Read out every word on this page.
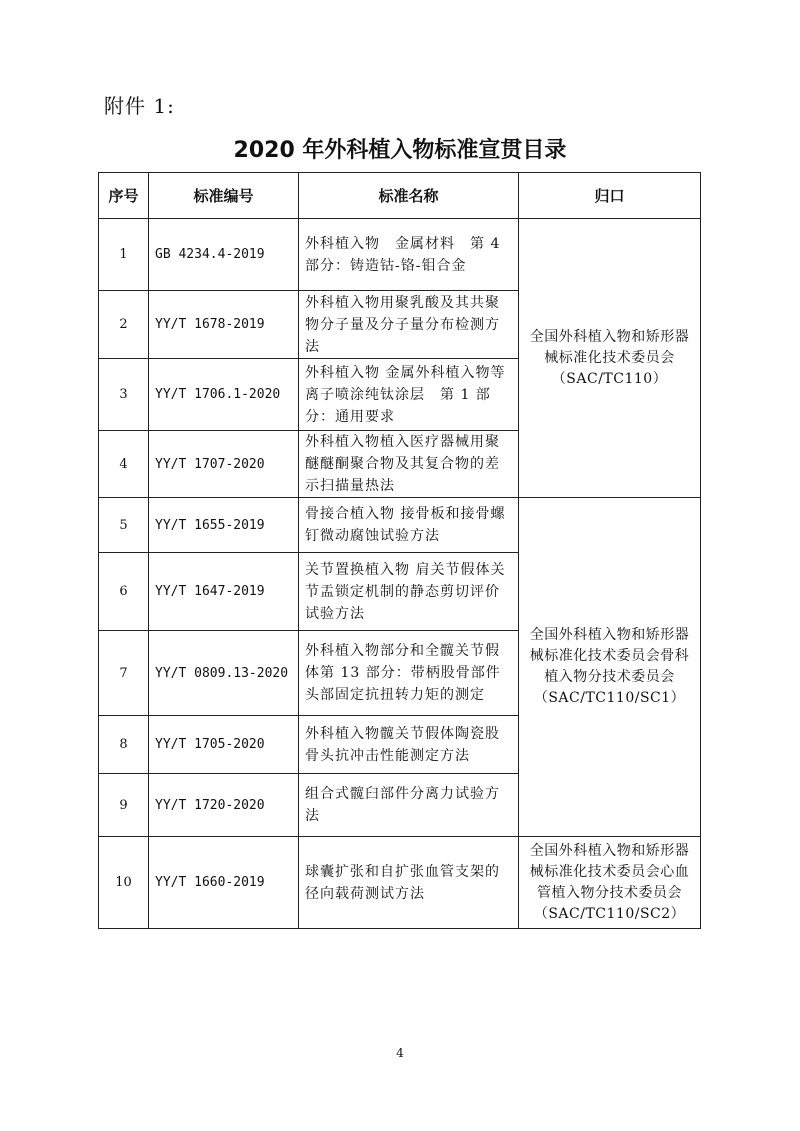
附件 1:
2020 年外科植入物标准宣贯目录
序号	标准编号	标准名称	归口
1	GB 4234.4-2019	外科植入物　金属材料　第 4 部分：铸造钴-铬-钼合金	全国外科植入物和矫形器械标准化技术委员会（SAC/TC110）
2	YY/T 1678-2019	外科植入物用聚乳酸及其共聚物分子量及分子量分布检测方法	
3	YY/T 1706.1-2020	外科植入物 金属外科植入物等离子喷涂纯钛涂层　第 1 部分：通用要求	
4	YY/T 1707-2020	外科植入物植入医疗器械用聚醚醚酮聚合物及其复合物的差示扫描量热法	
5	YY/T 1655-2019	骨接合植入物 接骨板和接骨螺钉微动腐蚀试验方法	全国外科植入物和矫形器械标准化技术委员会骨科植入物分技术委员会（SAC/TC110/SC1）
6	YY/T 1647-2019	关节置换植入物 肩关节假体关节盂锁定机制的静态剪切评价试验方法	
7	YY/T 0809.13-2020	外科植入物部分和全髋关节假体第 13 部分：带柄股骨部件头部固定抗扭转力矩的测定	
8	YY/T 1705-2020	外科植入物髋关节假体陶瓷股骨头抗冲击性能测定方法	
9	YY/T 1720-2020	组合式髋臼部件分离力试验方法	
10	YY/T 1660-2019	球囊扩张和自扩张血管支架的径向载荷测试方法	全国外科植入物和矫形器械标准化技术委员会心血管植入物分技术委员会（SAC/TC110/SC2）
4
